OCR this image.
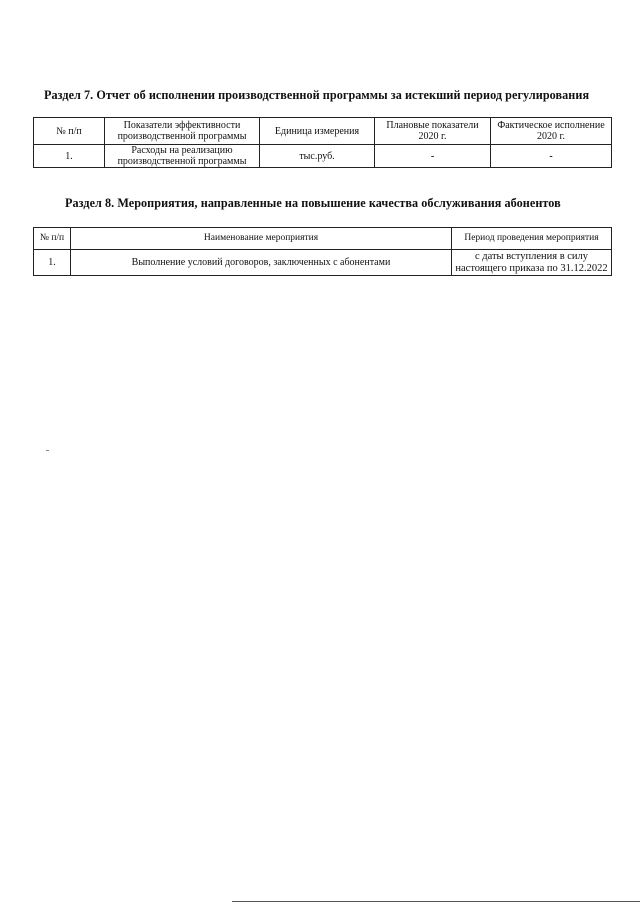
Раздел 7. Отчет об исполнении производственной программы за истекший период регулирования
№ п/п	Показатели эффективности производственной программы	Единица измерения	Плановые показатели 2020 г.	Фактическое исполнение 2020 г.
1.	Расходы на реализацию производственной программы	тыс.руб.	-	-
Раздел 8. Мероприятия, направленные на повышение качества обслуживания абонентов
№ п/п	Наименование мероприятия	Период проведения мероприятия
1.	Выполнение условий договоров, заключенных с абонентами	с даты вступления в силу настоящего приказа по 31.12.2022
